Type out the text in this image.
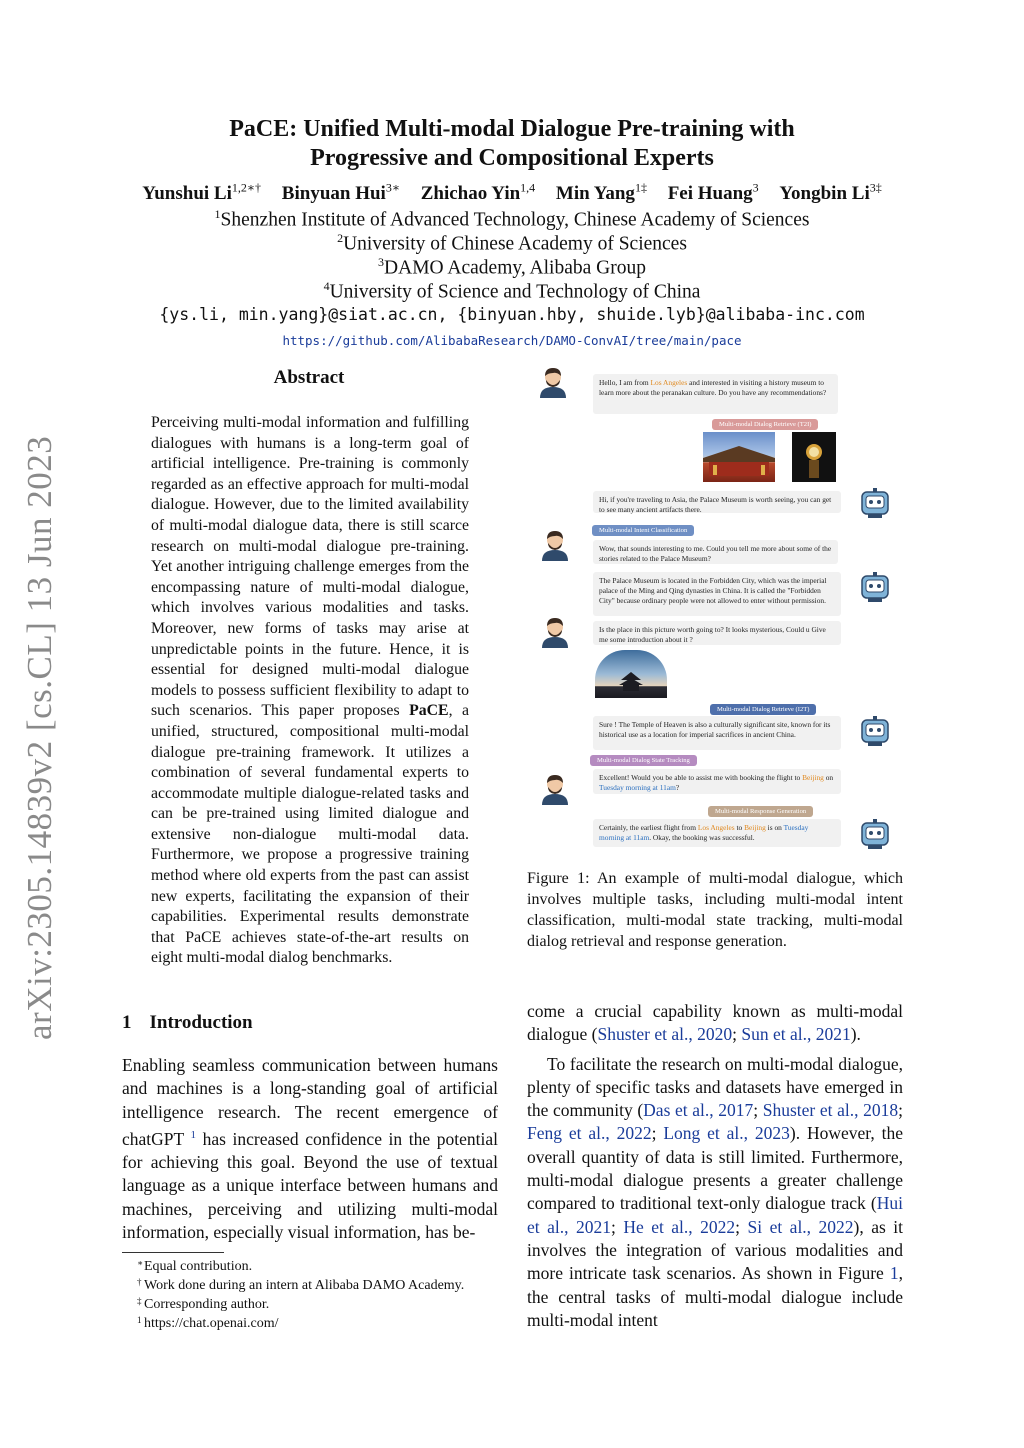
arXiv:2305.14839v2 [cs.CL] 13 Jun 2023
PaCE: Unified Multi-modal Dialogue Pre-training with
Progressive and Compositional Experts
Yunshui $Li^{1,2∗\dagger}$ Binyuan Hui$^{3∗}$ Zhichao Yin$^{1,4}$ Min Yang$^{1\ddagger}$ Fei Huang$^3$ Yongbin $Li^{3\ddagger}$
$^1$Shenzhen Institute of Advanced Technology, Chinese Academy of Sciences
$^2$University of Chinese Academy of Sciences
$^3$DAMO Academy, Alibaba Group
$^4$University of Science and Technology of China
{ys.li, min.yang}@siat.ac.cn, {binyuan.hby, shuide.lyb}@alibaba-inc.com
https://github.com/AlibabaResearch/DAMO-ConvAI/tree/main/pace
Abstract
Perceiving multi-modal information and fulfilling dialogues with humans is a long-term goal of artificial intelligence. Pre-training is commonly regarded as an effective approach for multi-modal dialogue. However, due to the limited availability of multi-modal dialogue data, there is still scarce research on multi-modal dialogue pre-training. Yet another intriguing challenge emerges from the encompassing nature of multi-modal dialogue, which involves various modalities and tasks. Moreover, new forms of tasks may arise at unpredictable points in the future. Hence, it is essential for designed multi-modal dialogue models to possess sufficient flexibility to adapt to such scenarios. This paper proposes PaCE, a unified, structured, compositional multi-modal dialogue pre-training framework. It utilizes a combination of several fundamental experts to accommodate multiple dialogue-related tasks and can be pre-trained using limited dialogue and extensive non-dialogue multi-modal data. Furthermore, we propose a progressive training method where old experts from the past can assist new experts, facilitating the expansion of their capabilities. Experimental results demonstrate that PaCE achieves state-of-the-art results on eight multi-modal dialog benchmarks.
1 Introduction
Enabling seamless communication between humans and machines is a long-standing goal of artificial intelligence research. The recent emergence of chatGPT $^1$ has increased confidence in the potential for achieving this goal. Beyond the use of textual language as a unique interface between humans and machines, perceiving and utilizing multi-modal information, especially visual information, has be-
∗ Equal contribution.
† Work done during an intern at Alibaba DAMO Academy.
‡ Corresponding author.
1 https://chat.openai.com/
Hello, I am from Los Angeles and interested in visiting a history museum to learn more about the peranakan culture. Do you have any recommendations?
Multi-modal Dialog Retrieve (T2I)
Hi, if you're traveling to Asia, the Palace Museum is worth seeing, you can get to see many ancient artifacts there.
Multi-modal Intent Classification
Wow, that sounds interesting to me. Could you tell me more about some of the stories related to the Palace Museum?
The Palace Museum is located in the Forbidden City, which was the imperial palace of the Ming and Qing dynasties in China. It is called the "Forbidden City" because ordinary people were not allowed to enter without permission.
Is the place in this picture worth going to? It looks mysterious, Could u Give me some introduction about it ?
Multi-modal Dialog Retrieve (I2T)
Sure ! The Temple of Heaven is also a culturally significant site, known for its historical use as a location for imperial sacrifices in ancient China.
Multi-modal Dialog State Tracking
Excellent! Would you be able to assist me with booking the flight to Beijing on Tuesday morning at 11am?
Multi-modal Response Generation
Certainly, the earliest flight from Los Angeles to Beijing is on Tuesday morning at 11am. Okay, the booking was successful.
Figure 1: An example of multi-modal dialogue, which involves multiple tasks, including multi-modal intent classification, multi-modal state tracking, multi-modal dialog retrieval and response generation.

come a crucial capability known as multi-modal dialogue (Shuster et al., 2020; Sun et al., 2021).

To facilitate the research on multi-modal dialogue, plenty of specific tasks and datasets have emerged in the community (Das et al., 2017; Shuster et al., 2018; Feng et al., 2022; Long et al., 2023). However, the overall quantity of data is still limited. Furthermore, multi-modal dialogue presents a greater challenge compared to traditional text-only dialogue track (Hui et al., 2021; He et al., 2022; Si et al., 2022), as it involves the integration of various modalities and more intricate task scenarios. As shown in Figure 1, the central tasks of multi-modal dialogue include multi-modal intent
